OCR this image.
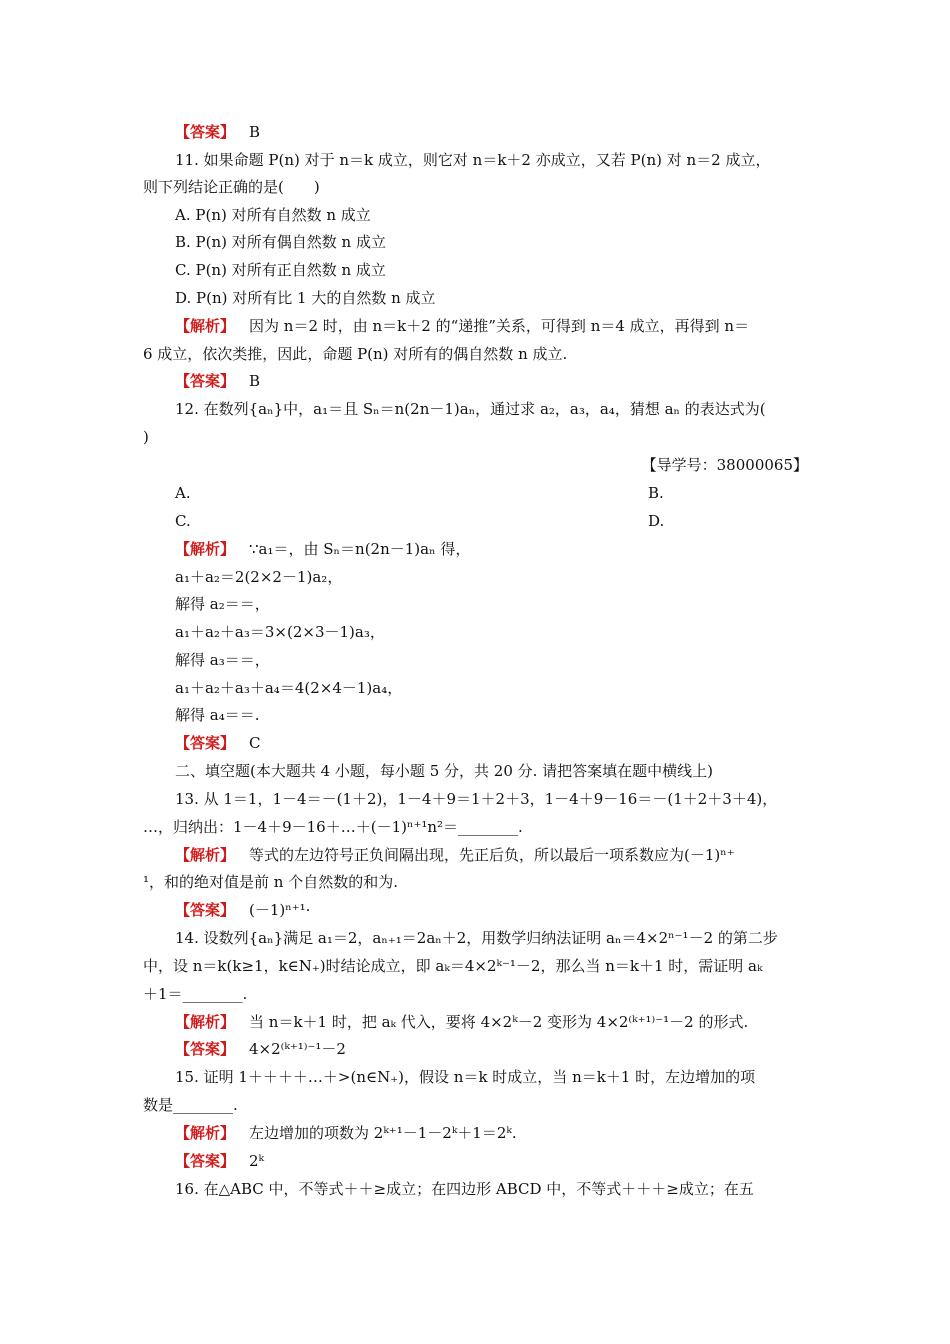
【答案】 B
11. 如果命题 P(n) 对于 n＝k 成立，则它对 n＝k＋2 亦成立，又若 P(n) 对 n＝2 成立，
则下列结论正确的是(　　)
A. P(n) 对所有自然数 n 成立
B. P(n) 对所有偶自然数 n 成立
C. P(n) 对所有正自然数 n 成立
D. P(n) 对所有比 1 大的自然数 n 成立
【解析】 因为 n＝2 时，由 n＝k＋2 的“递推”关系，可得到 n＝4 成立，再得到 n＝
6 成立，依次类推，因此，命题 P(n) 对所有的偶自然数 n 成立.
【答案】 B
12. 在数列{aₙ}中，a₁＝且 Sₙ＝n(2n－1)aₙ，通过求 a₂，a₃，a₄，猜想 aₙ 的表达式为(
)
【导学号：38000065】
A.	B.
C.	D.
【解析】 ∵a₁＝，由 Sₙ＝n(2n－1)aₙ 得，
a₁＋a₂＝2(2×2－1)a₂，
解得 a₂＝＝，
a₁＋a₂＋a₃＝3×(2×3－1)a₃，
解得 a₃＝＝，
a₁＋a₂＋a₃＋a₄＝4(2×4－1)a₄，
解得 a₄＝＝.
【答案】 C
二、填空题(本大题共 4 小题，每小题 5 分，共 20 分. 请把答案填在题中横线上)
13. 从 1＝1，1－4＝－(1＋2)，1－4＋9＝1＋2＋3，1－4＋9－16＝－(1＋2＋3＋4)，
…，归纳出：1－4＋9－16＋…＋(－1)ⁿ⁺¹n²＝________.
【解析】 等式的左边符号正负间隔出现，先正后负，所以最后一项系数应为(－1)ⁿ⁺
¹，和的绝对值是前 n 个自然数的和为.
【答案】 (－1)ⁿ⁺¹·
14. 设数列{aₙ}满足 a₁＝2，aₙ₊₁＝2aₙ＋2，用数学归纳法证明 aₙ＝4×2ⁿ⁻¹－2 的第二步
中，设 n＝k(k≥1，k∈N₊)时结论成立，即 aₖ＝4×2ᵏ⁻¹－2，那么当 n＝k＋1 时，需证明 aₖ
＋1＝________.
【解析】 当 n＝k＋1 时，把 aₖ 代入，要将 4×2ᵏ－2 变形为 4×2⁽ᵏ⁺¹⁾⁻¹－2 的形式.
【答案】 4×2⁽ᵏ⁺¹⁾⁻¹－2
15. 证明 1＋＋＋＋…＋>(n∈N₊)，假设 n＝k 时成立，当 n＝k＋1 时，左边增加的项
数是________.
【解析】 左边增加的项数为 2ᵏ⁺¹－1－2ᵏ＋1＝2ᵏ.
【答案】 2ᵏ
16. 在△ABC 中，不等式＋＋≥成立；在四边形 ABCD 中，不等式＋＋＋≥成立；在五
